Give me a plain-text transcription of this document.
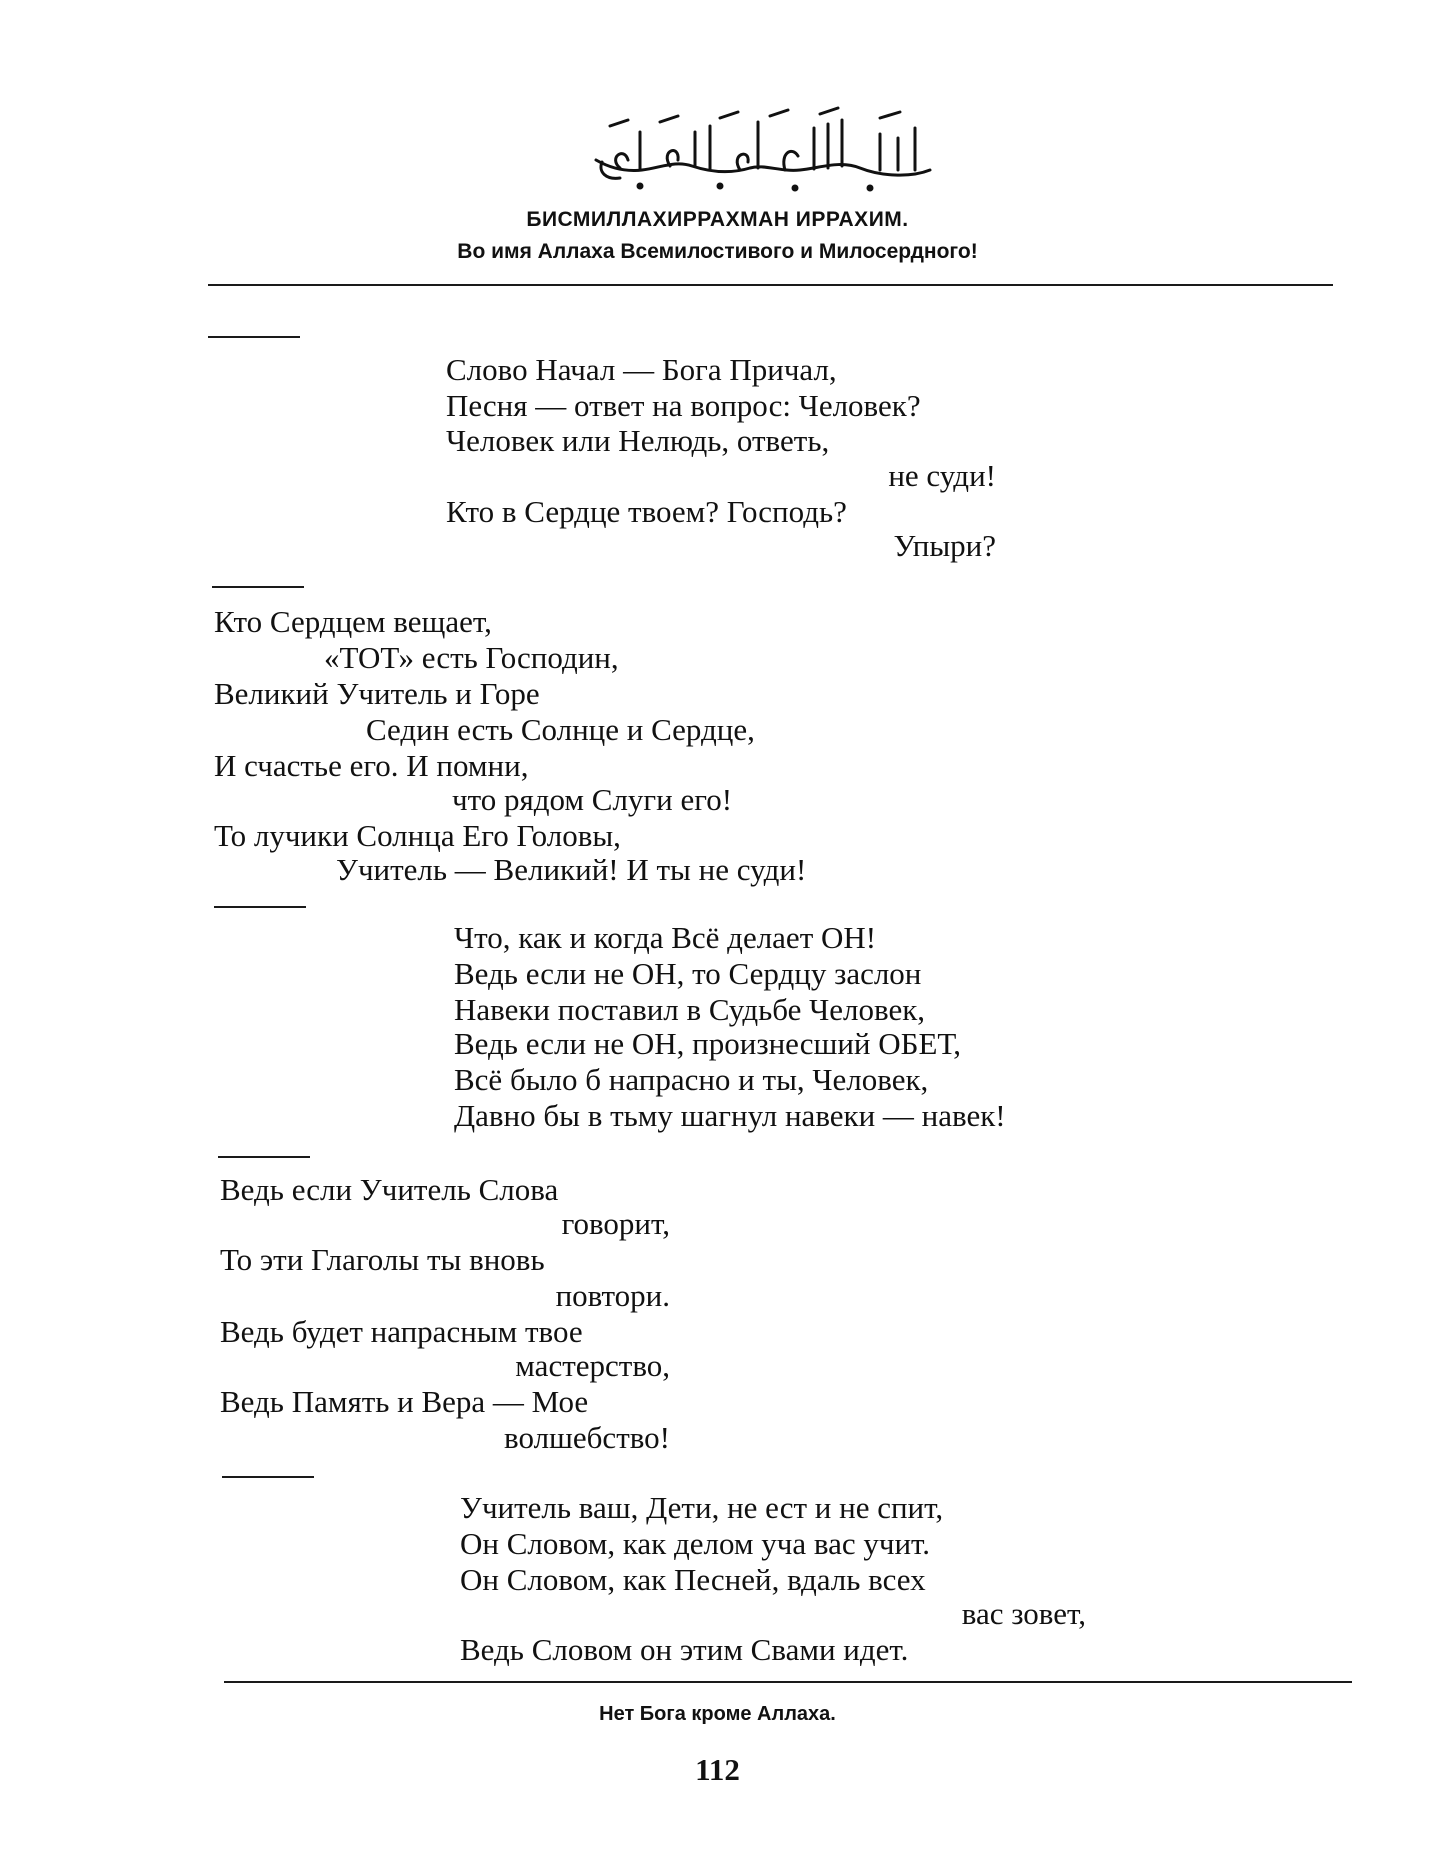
БИСМИЛЛАХИРРАХМАН ИРРАХИМ.
Во имя Аллаха Всемилостивого и Милосердного!
Слово Начал — Бога Причал,
Песня — ответ на вопрос: Человек?
Человек или Нелюдь, ответь,
не суди!
Кто в Сердце твоем? Господь?
Упыри?
Кто Сердцем вещает,
«ТОТ» есть Господин,
Великий Учитель и Горе
Седин есть Солнце и Сердце,
И счастье его. И помни,
что рядом Слуги его!
То лучики Солнца Его Головы,
Учитель — Великий! И ты не суди!
Что, как и когда Всё делает ОН!
Ведь если не ОН, то Сердцу заслон
Навеки поставил в Судьбе Человек,
Ведь если не ОН, произнесший ОБЕТ,
Всё было б напрасно и ты, Человек,
Давно бы в тьму шагнул навеки — навек!
Ведь если Учитель Слова
говорит,
То эти Глаголы ты вновь
повтори.
Ведь будет напрасным твое
мастерство,
Ведь Память и Вера — Мое
волшебство!
Учитель ваш, Дети, не ест и не спит,
Он Словом, как делом уча вас учит.
Он Словом, как Песней, вдаль всех
вас зовет,
Ведь Словом он этим Свами идет.
Нет Бога кроме Аллаха.
112
